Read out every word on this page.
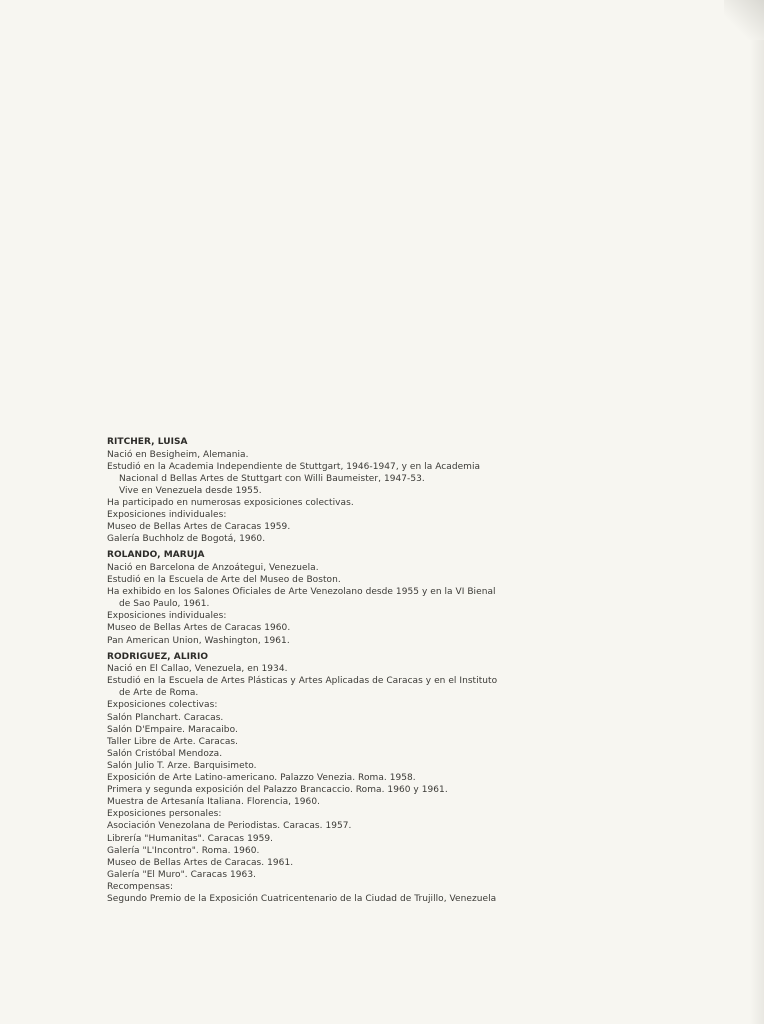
RITCHER, LUISA
Nació en Besigheim, Alemania.
Estudió en la Academia Independiente de Stuttgart, 1946-1947, y en la Academia
Nacional d Bellas Artes de Stuttgart con Willi Baumeister, 1947-53.
Vive en Venezuela desde 1955.
Ha participado en numerosas exposiciones colectivas.
Exposiciones individuales:
Museo de Bellas Artes de Caracas 1959.
Galería Buchholz de Bogotá, 1960.
ROLANDO, MARUJA
Nació en Barcelona de Anzoátegui, Venezuela.
Estudió en la Escuela de Arte del Museo de Boston.
Ha exhibido en los Salones Oficiales de Arte Venezolano desde 1955 y en la VI Bienal
de Sao Paulo, 1961.
Exposiciones individuales:
Museo de Bellas Artes de Caracas 1960.
Pan American Union, Washington, 1961.
RODRIGUEZ, ALIRIO
Nació en El Callao, Venezuela, en 1934.
Estudió en la Escuela de Artes Plásticas y Artes Aplicadas de Caracas y en el Instituto
de Arte de Roma.
Exposiciones colectivas:
Salón Planchart. Caracas.
Salón D'Empaire. Maracaibo.
Taller Libre de Arte. Caracas.
Salón Cristóbal Mendoza.
Salón Julio T. Arze. Barquisimeto.
Exposición de Arte Latino-americano. Palazzo Venezia. Roma. 1958.
Primera y segunda exposición del Palazzo Brancaccio. Roma. 1960 y 1961.
Muestra de Artesanía Italiana. Florencia, 1960.
Exposiciones personales:
Asociación Venezolana de Periodistas. Caracas. 1957.
Librería "Humanitas". Caracas 1959.
Galería "L'Incontro". Roma. 1960.
Museo de Bellas Artes de Caracas. 1961.
Galería "El Muro". Caracas 1963.
Recompensas:
Segundo Premio de la Exposición Cuatricentenario de la Ciudad de Trujillo, Venezuela
